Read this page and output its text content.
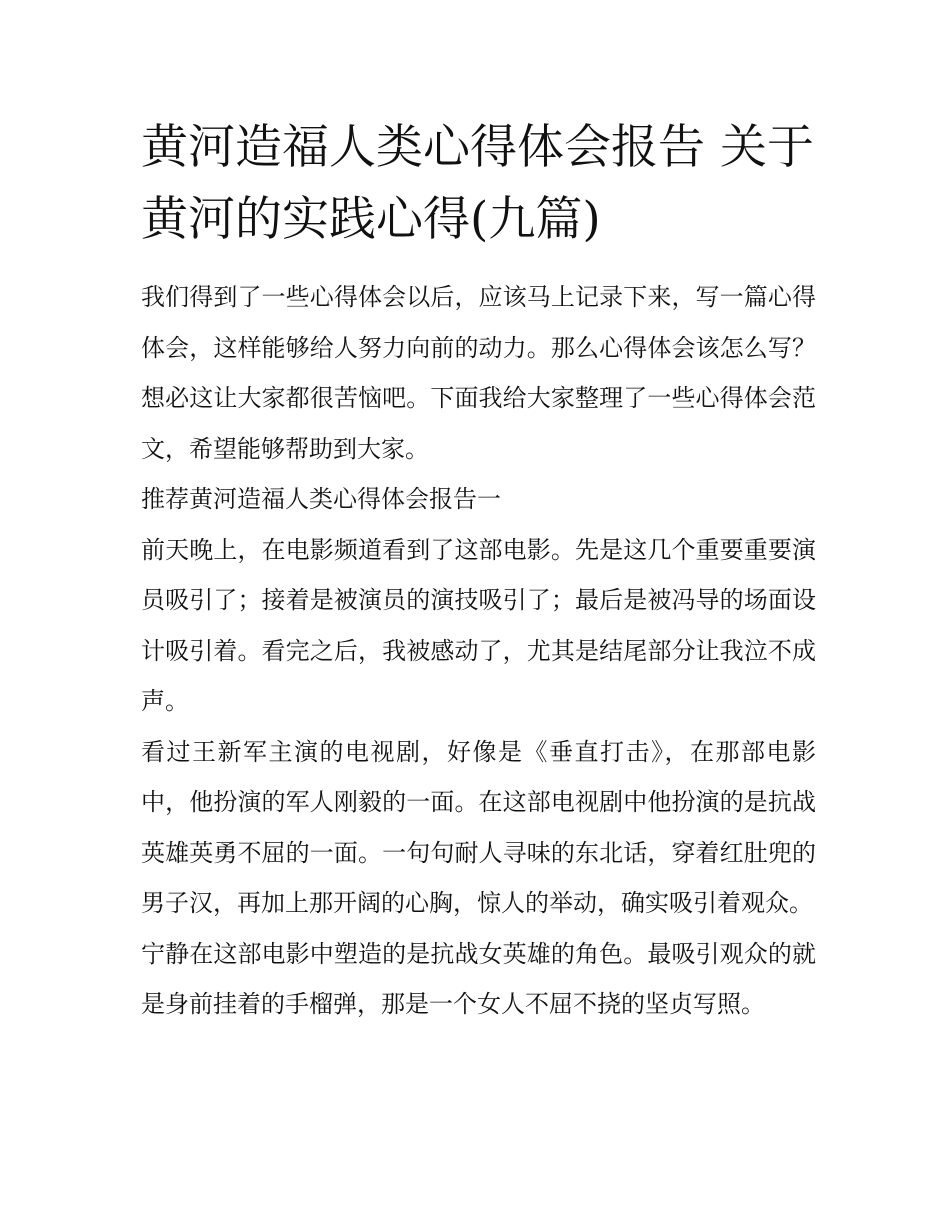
黄河造福人类心得体会报告 关于黄河的实践心得(九篇)

我们得到了一些心得体会以后，应该马上记录下来，写一篇心得体会，这样能够给人努力向前的动力。那么心得体会该怎么写？想必这让大家都很苦恼吧。下面我给大家整理了一些心得体会范文，希望能够帮助到大家。

推荐黄河造福人类心得体会报告一

前天晚上，在电影频道看到了这部电影。先是这几个重要重要演员吸引了；接着是被演员的演技吸引了；最后是被冯导的场面设计吸引着。看完之后，我被感动了，尤其是结尾部分让我泣不成声。

看过王新军主演的电视剧，好像是《垂直打击》，在那部电影中，他扮演的军人刚毅的一面。在这部电视剧中他扮演的是抗战英雄英勇不屈的一面。一句句耐人寻味的东北话，穿着红肚兜的男子汉，再加上那开阔的心胸，惊人的举动，确实吸引着观众。

宁静在这部电影中塑造的是抗战女英雄的角色。最吸引观众的就是身前挂着的手榴弹，那是一个女人不屈不挠的坚贞写照。
